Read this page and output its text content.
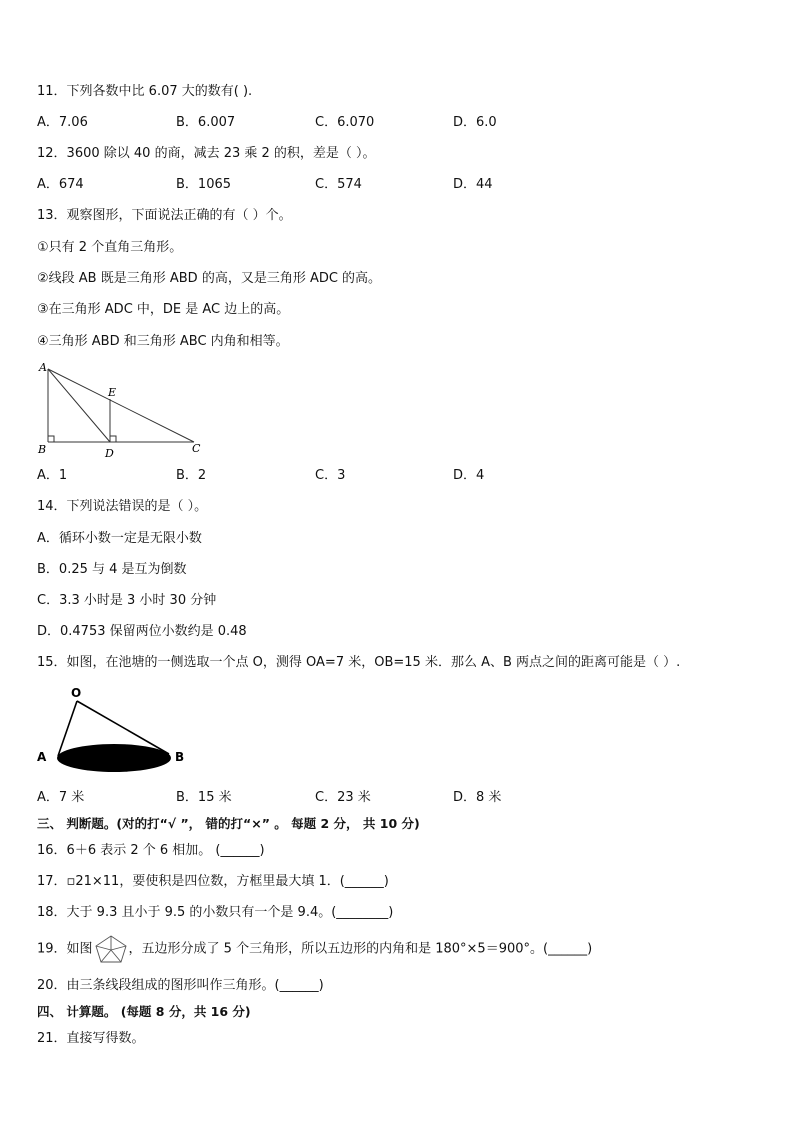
11．下列各数中比 6.07 大的数有( ).
A．7.06	B．6.007	C．6.070	D．6.0
12．3600 除以 40 的商，减去 23 乘 2 的积，差是（ ）。
A．674	B．1065	C．574	D．44
13．观察图形，下面说法正确的有（ ）个。
①只有 2 个直角三角形。
②线段 AB 既是三角形 ABD 的高，又是三角形 ADC 的高。
③在三角形 ADC 中，DE 是 AC 边上的高。
④三角形 ABD 和三角形 ABC 内角和相等。
A
B	D
E
C
A．1	B．2	C．3	D．4
14．下列说法错误的是（ ）。
A．循环小数一定是无限小数
B．0.25 与 4 是互为倒数
C．3.3 小时是 3 小时 30 分钟
D．0.4753 保留两位小数约是 0.48
15．如图，在池塘的一侧选取一个点 O，测得 OA=7 米，OB=15 米．那么 A、B 两点之间的距离可能是（ ）.
O
A	B
A．7 米	B．15 米	C．23 米	D．8 米
三、 判断题。(对的打“√ ”， 错的打“×” 。 每题 2 分， 共 10 分)
16．6＋6 表示 2 个 6 相加。 (______)
17．▫21×11，要使积是四位数，方框里最大填 1．(______)
18．大于 9.3 且小于 9.5 的小数只有一个是 9.4。(________)
19．如图	，五边形分成了 5 个三角形，所以五边形的内角和是 180°×5＝900°。(______)
20．由三条线段组成的图形叫作三角形。(______)
四、 计算题。 (每题 8 分，共 16 分)
21．直接写得数。
